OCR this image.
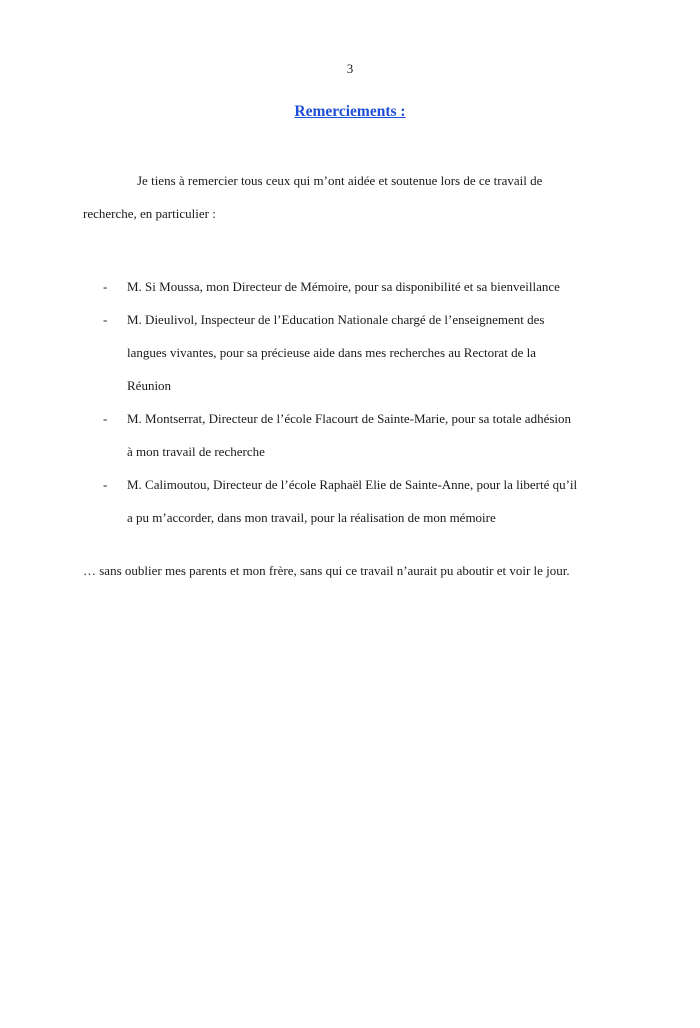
3
Remerciements :
Je tiens à remercier tous ceux qui m’ont aidée et soutenue lors de ce travail de
recherche, en particulier :
- M. Si Moussa, mon Directeur de Mémoire, pour sa disponibilité et sa bienveillance
- M. Dieulivol, Inspecteur de l’Education Nationale chargé de l’enseignement des
langues vivantes, pour sa précieuse aide dans mes recherches au Rectorat de la
Réunion
- M. Montserrat, Directeur de l’école Flacourt de Sainte-Marie, pour sa totale adhésion
à mon travail de recherche
- M. Calimoutou, Directeur de l’école Raphaël Elie de Sainte-Anne, pour la liberté qu’il
a pu m’accorder, dans mon travail, pour la réalisation de mon mémoire
… sans oublier mes parents et mon frère, sans qui ce travail n’aurait pu aboutir et voir le jour.
